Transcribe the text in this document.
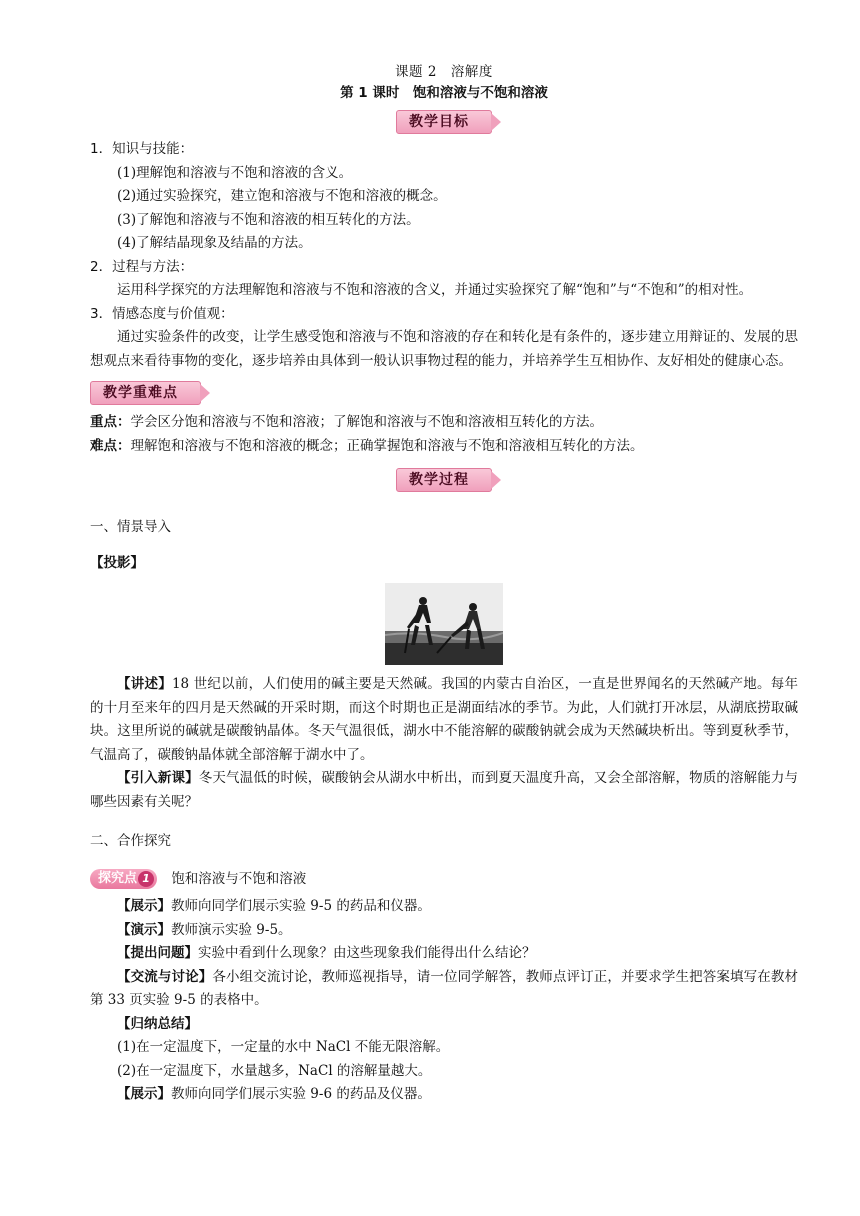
课题 2　溶解度
第 1 课时　饱和溶液与不饱和溶液
教学目标

1．知识与技能：

(1)理解饱和溶液与不饱和溶液的含义。

(2)通过实验探究，建立饱和溶液与不饱和溶液的概念。

(3)了解饱和溶液与不饱和溶液的相互转化的方法。

(4)了解结晶现象及结晶的方法。

2．过程与方法：

运用科学探究的方法理解饱和溶液与不饱和溶液的含义，并通过实验探究了解“饱和”与“不饱和”的相对性。

3．情感态度与价值观：

通过实验条件的改变，让学生感受饱和溶液与不饱和溶液的存在和转化是有条件的，逐步建立用辩证的、发展的思想观点来看待事物的变化，逐步培养由具体到一般认识事物过程的能力，并培养学生互相协作、友好相处的健康心态。

教学重难点

重点：学会区分饱和溶液与不饱和溶液；了解饱和溶液与不饱和溶液相互转化的方法。

难点：理解饱和溶液与不饱和溶液的概念；正确掌握饱和溶液与不饱和溶液相互转化的方法。

教学过程

一、情景导入

【投影】

【讲述】18 世纪以前，人们使用的碱主要是天然碱。我国的内蒙古自治区，一直是世界闻名的天然碱产地。每年的十月至来年的四月是天然碱的开采时期，而这个时期也正是湖面结冰的季节。为此，人们就打开冰层，从湖底捞取碱块。这里所说的碱就是碳酸钠晶体。冬天气温很低，湖水中不能溶解的碳酸钠就会成为天然碱块析出。等到夏秋季节，气温高了，碳酸钠晶体就全部溶解于湖水中了。

【引入新课】冬天气温低的时候，碳酸钠会从湖水中析出，而到夏天温度升高，又会全部溶解，物质的溶解能力与哪些因素有关呢？

二、合作探究

探究点 1	饱和溶液与不饱和溶液

【展示】教师向同学们展示实验 9-5 的药品和仪器。

【演示】教师演示实验 9-5。

【提出问题】实验中看到什么现象？由这些现象我们能得出什么结论？

【交流与讨论】各小组交流讨论，教师巡视指导，请一位同学解答，教师点评订正，并要求学生把答案填写在教材第 33 页实验 9-5 的表格中。

【归纳总结】

(1)在一定温度下，一定量的水中 NaCl 不能无限溶解。

(2)在一定温度下，水量越多，NaCl 的溶解量越大。

【展示】教师向同学们展示实验 9-6 的药品及仪器。
